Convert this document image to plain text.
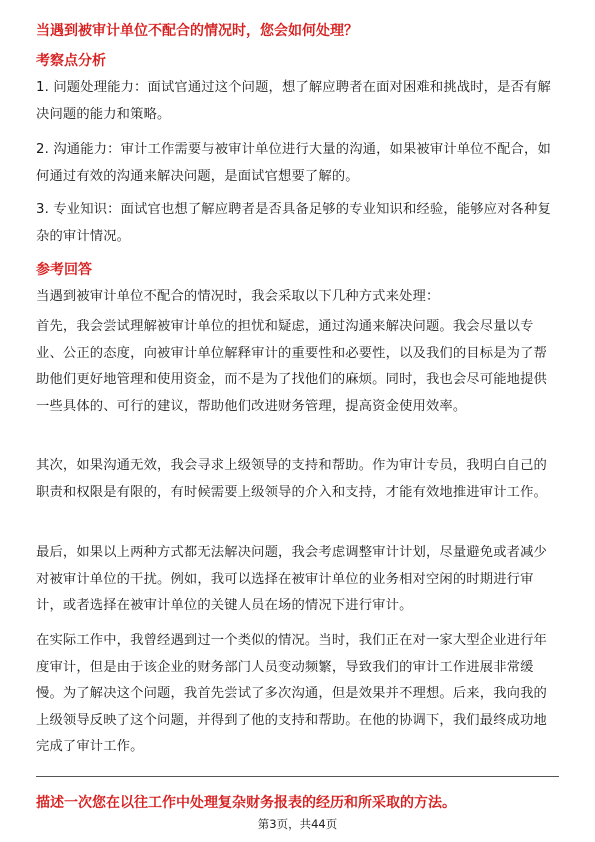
当遇到被审计单位不配合的情况时，您会如何处理？
考察点分析
1. 问题处理能力：面试官通过这个问题，想了解应聘者在面对困难和挑战时，是否有解决问题的能力和策略。
2. 沟通能力：审计工作需要与被审计单位进行大量的沟通，如果被审计单位不配合，如何通过有效的沟通来解决问题，是面试官想要了解的。
3. 专业知识：面试官也想了解应聘者是否具备足够的专业知识和经验，能够应对各种复杂的审计情况。
参考回答
当遇到被审计单位不配合的情况时，我会采取以下几种方式来处理：
首先，我会尝试理解被审计单位的担忧和疑虑，通过沟通来解决问题。我会尽量以专业、公正的态度，向被审计单位解释审计的重要性和必要性，以及我们的目标是为了帮助他们更好地管理和使用资金，而不是为了找他们的麻烦。同时，我也会尽可能地提供一些具体的、可行的建议，帮助他们改进财务管理，提高资金使用效率。
其次，如果沟通无效，我会寻求上级领导的支持和帮助。作为审计专员，我明白自己的职责和权限是有限的，有时候需要上级领导的介入和支持，才能有效地推进审计工作。
最后，如果以上两种方式都无法解决问题，我会考虑调整审计计划，尽量避免或者减少对被审计单位的干扰。例如，我可以选择在被审计单位的业务相对空闲的时期进行审计，或者选择在被审计单位的关键人员在场的情况下进行审计。
在实际工作中，我曾经遇到过一个类似的情况。当时，我们正在对一家大型企业进行年度审计，但是由于该企业的财务部门人员变动频繁，导致我们的审计工作进展非常缓慢。为了解决这个问题，我首先尝试了多次沟通，但是效果并不理想。后来，我向我的上级领导反映了这个问题，并得到了他的支持和帮助。在他的协调下，我们最终成功地完成了审计工作。
描述一次您在以往工作中处理复杂财务报表的经历和所采取的方法。
第3页，共44页
